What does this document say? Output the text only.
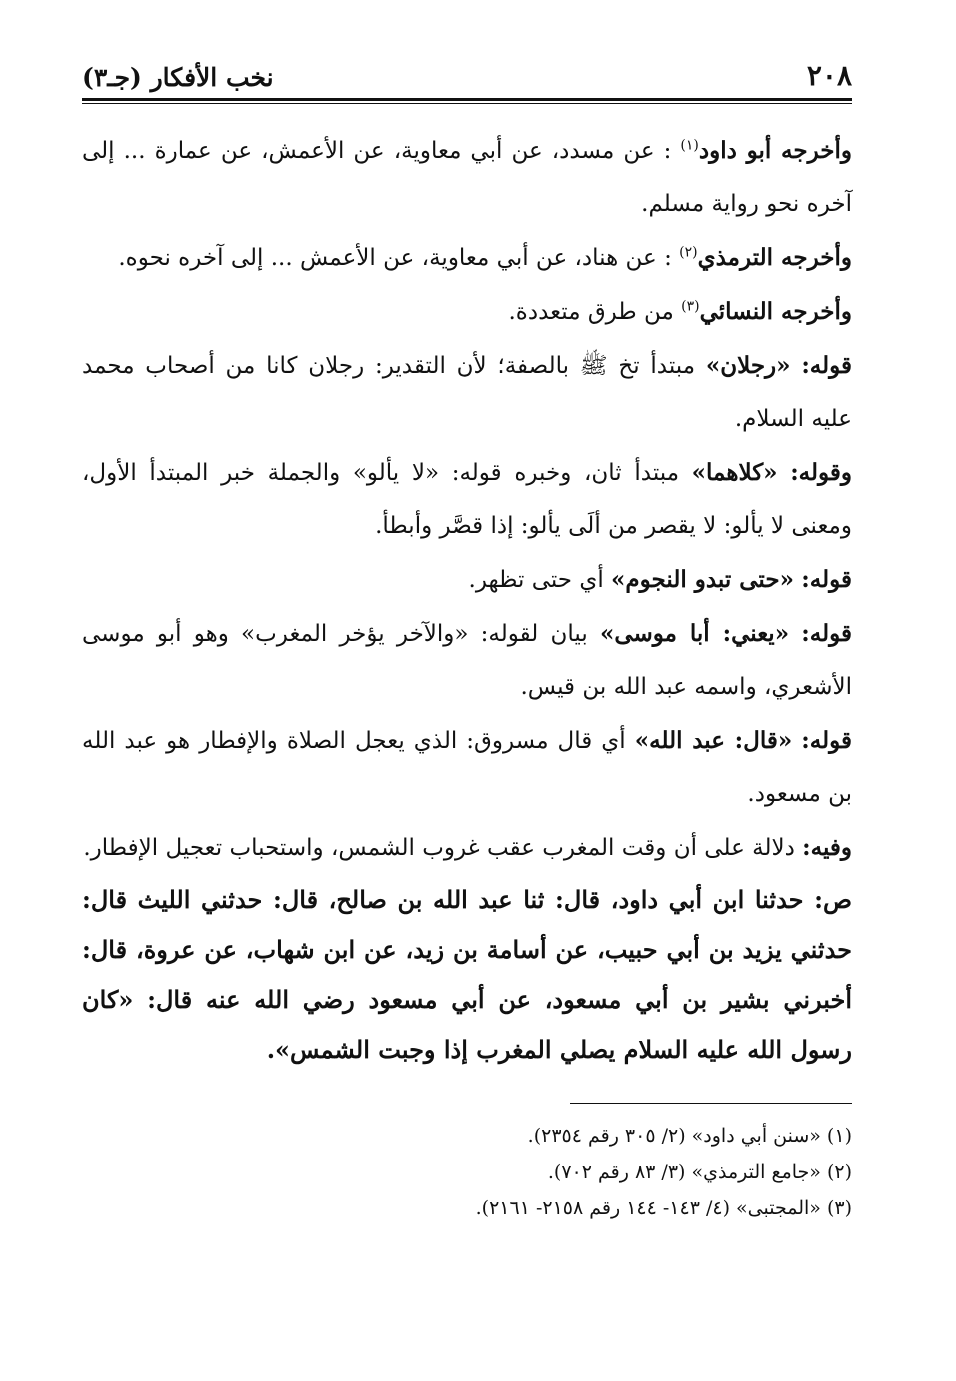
٢٠٨
نخب الأفكار (جـ٣)

وأخرجه أبو داود$^{(١)}$ : عن مسدد، عن أبي معاوية، عن الأعمش، عن عمارة ... إلى آخره نحو رواية مسلم.

وأخرجه الترمذي$^{(٢)}$ : عن هناد، عن أبي معاوية، عن الأعمش ... إلى آخره نحوه.

وأخرجه النسائي$^{(٣)}$ من طرق متعددة.

قوله: «رجلان» مبتدأ تخ ﷺ بالصفة؛ لأن التقدير: رجلان كانا من أصحاب محمد عليه السلام.

وقوله: «كلاهما» مبتدأ ثان، وخبره قوله: «لا يألو» والجملة خبر المبتدأ الأول، ومعنى لا يألو: لا يقصر من ألَى يألو: إذا قصَّر وأبطأ.

قوله: «حتى تبدو النجوم» أي حتى تظهر.

قوله: «يعني: أبا موسى» بيان لقوله: «والآخر يؤخر المغرب» وهو أبو موسى الأشعري، واسمه عبد الله بن قيس.

قوله: «قال: عبد الله» أي قال مسروق: الذي يعجل الصلاة والإفطار هو عبد الله بن مسعود.

وفيه: دلالة على أن وقت المغرب عقب غروب الشمس، واستحباب تعجيل الإفطار.

ص: حدثنا ابن أبي داود، قال: ثنا عبد الله بن صالح، قال: حدثني الليث قال: حدثني يزيد بن أبي حبيب، عن أسامة بن زيد، عن ابن شهاب، عن عروة، قال: أخبرني بشير بن أبي مسعود، عن أبي مسعود رضي الله عنه قال: «كان رسول الله عليه السلام يصلي المغرب إذا وجبت الشمس».

(١) «سنن أبي داود» (٢/ ٣٠٥ رقم ٢٣٥٤).
(٢) «جامع الترمذي» (٣/ ٨٣ رقم ٧٠٢).
(٣) «المجتبى» (٤/ ١٤٣- ١٤٤ رقم ٢١٥٨- ٢١٦١).
